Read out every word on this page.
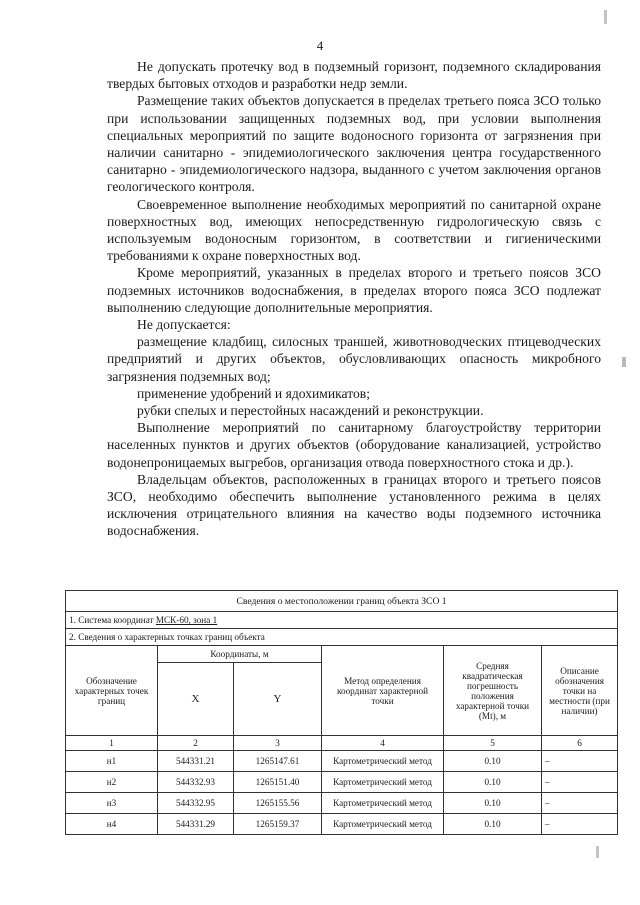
4

Не допускать протечку вод в подземный горизонт, подземного складирования твердых бытовых отходов и разработки недр земли.

Размещение таких объектов допускается в пределах третьего пояса ЗСО только при использовании защищенных подземных вод, при условии выполнения специальных мероприятий по защите водоносного горизонта от загрязнения при наличии санитарно - эпидемиологического заключения центра государственного санитарно - эпидемиологического надзора, выданного с учетом заключения органов геологического контроля.

Своевременное выполнение необходимых мероприятий по санитарной охране поверхностных вод, имеющих непосредственную гидрологическую связь с используемым водоносным горизонтом, в соответствии и гигиеническими требованиями к охране поверхностных вод.

Кроме мероприятий, указанных в пределах второго и третьего поясов ЗСО подземных источников водоснабжения, в пределах второго пояса ЗСО подлежат выполнению следующие дополнительные мероприятия.

Не допускается:

размещение кладбищ, силосных траншей, животноводческих птицеводческих предприятий и других объектов, обусловливающих опасность микробного загрязнения подземных вод;

применение удобрений и ядохимикатов;

рубки спелых и перестойных насаждений и реконструкции.

Выполнение мероприятий по санитарному благоустройству территории населенных пунктов и других объектов (оборудование канализацией, устройство водонепроницаемых выгребов, организация отвода поверхностного стока и др.).

Владельцам объектов, расположенных в границах второго и третьего поясов ЗСО, необходимо обеспечить выполнение установленного режима в целях исключения отрицательного влияния на качество воды подземного источника водоснабжения.

Сведения о местоположении границ объекта ЗСО 1					
1. Система координат МСК-60, зона 1					
2. Сведения о характерных точках границ объекта					
Обозначение характерных точек границ	Координаты, м		Метод определения координат характерной точки	Средняя квадратическая погрешность положения характерной точки (Мt), м	Описание обозначения точки на местности (при наличии)
	X	Y			
1	2	3	4	5	6
н1	544331.21	1265147.61	Картометрический метод	0.10	–
н2	544332.93	1265151.40	Картометрический метод	0.10	–
н3	544332.95	1265155.56	Картометрический метод	0.10	–
н4	544331.29	1265159.37	Картометрический метод	0.10	–
